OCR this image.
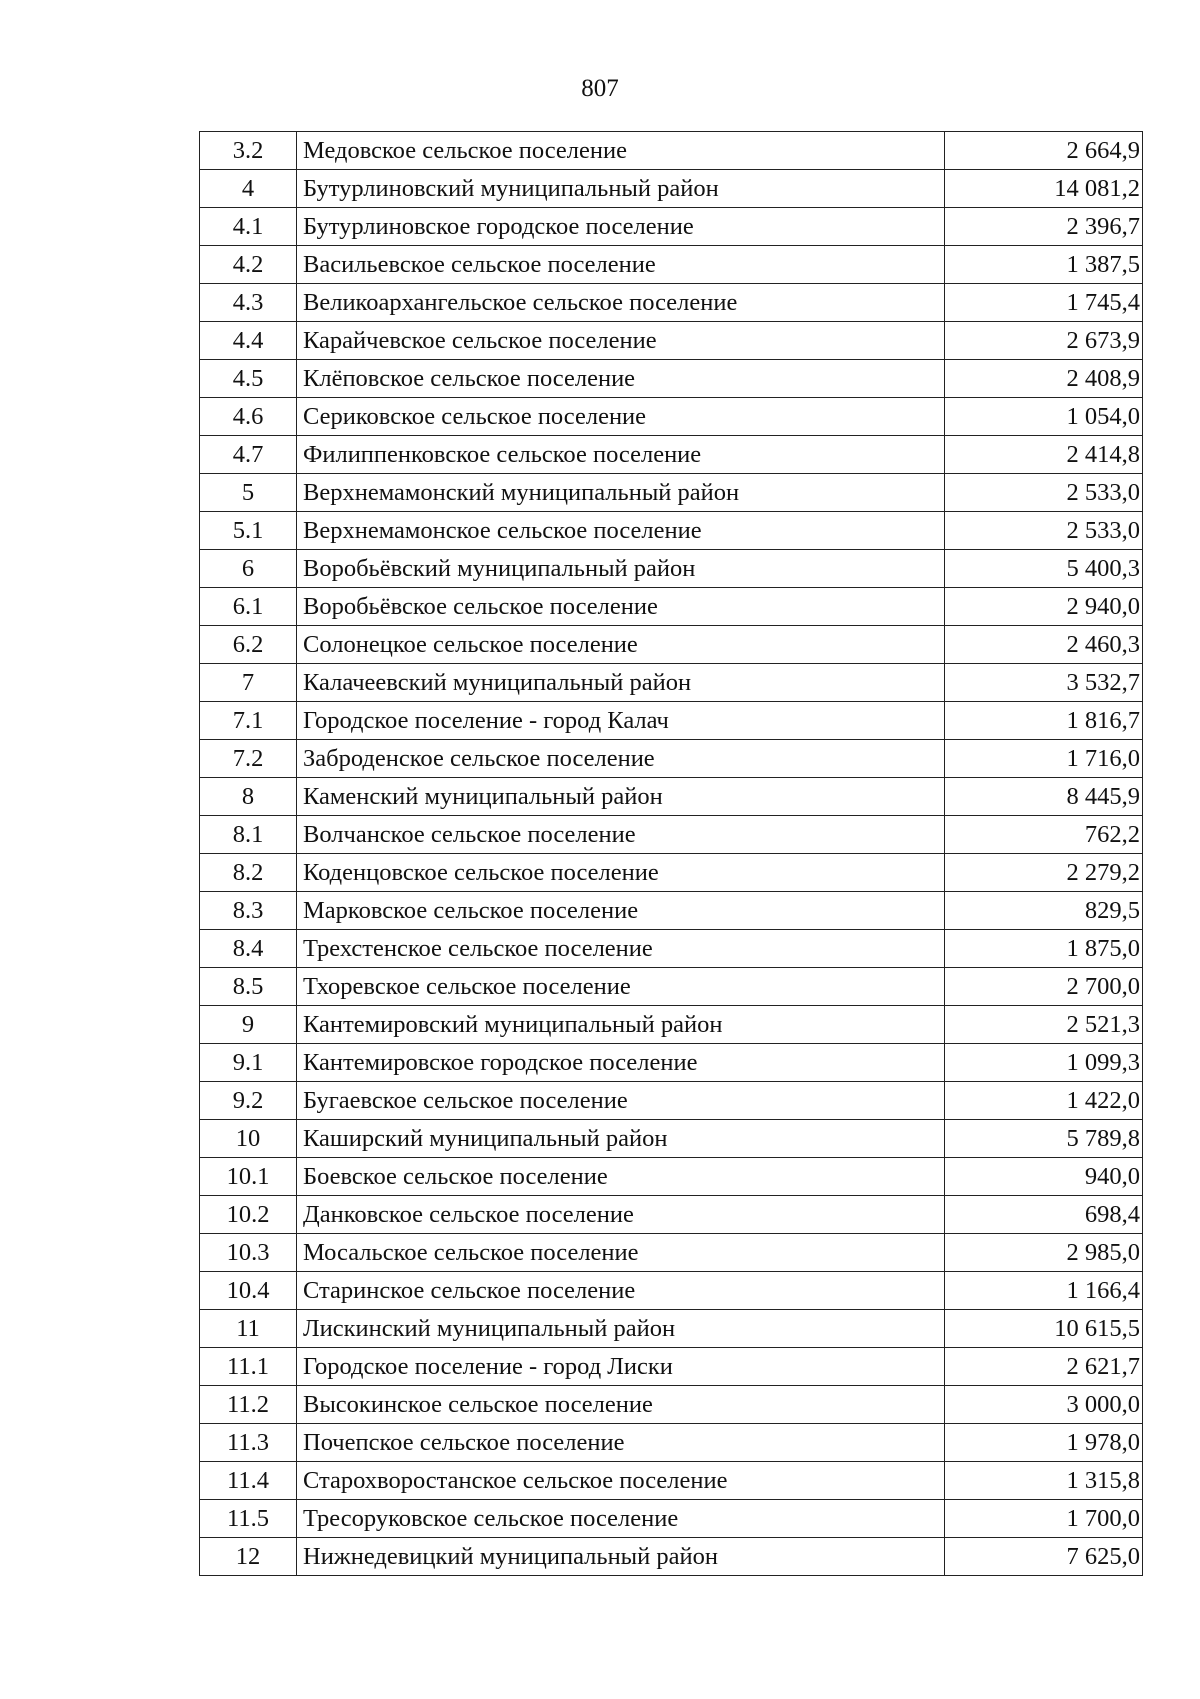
807
3.2	Медовское сельское поселение	2 664,9
4	Бутурлиновский муниципальный район	14 081,2
4.1	Бутурлиновское городское поселение	2 396,7
4.2	Васильевское сельское поселение	1 387,5
4.3	Великоархангельское сельское поселение	1 745,4
4.4	Карайчевское сельское поселение	2 673,9
4.5	Клёповское сельское поселение	2 408,9
4.6	Сериковское сельское поселение	1 054,0
4.7	Филиппенковское сельское поселение	2 414,8
5	Верхнемамонский муниципальный район	2 533,0
5.1	Верхнемамонское сельское поселение	2 533,0
6	Воробьёвский муниципальный район	5 400,3
6.1	Воробьёвское сельское поселение	2 940,0
6.2	Солонецкое сельское поселение	2 460,3
7	Калачеевский муниципальный район	3 532,7
7.1	Городское поселение - город Калач	1 816,7
7.2	Заброденское сельское поселение	1 716,0
8	Каменский муниципальный район	8 445,9
8.1	Волчанское сельское поселение	762,2
8.2	Коденцовское сельское поселение	2 279,2
8.3	Марковское сельское поселение	829,5
8.4	Трехстенское сельское поселение	1 875,0
8.5	Тхоревское сельское поселение	2 700,0
9	Кантемировский муниципальный район	2 521,3
9.1	Кантемировское городское поселение	1 099,3
9.2	Бугаевское сельское поселение	1 422,0
10	Каширский муниципальный район	5 789,8
10.1	Боевское сельское поселение	940,0
10.2	Данковское сельское поселение	698,4
10.3	Мосальское сельское поселение	2 985,0
10.4	Старинское сельское поселение	1 166,4
11	Лискинский муниципальный район	10 615,5
11.1	Городское поселение - город Лиски	2 621,7
11.2	Высокинское сельское поселение	3 000,0
11.3	Почепское сельское поселение	1 978,0
11.4	Старохворостанское сельское поселение	1 315,8
11.5	Тресоруковское сельское поселение	1 700,0
12	Нижнедевицкий муниципальный район	7 625,0
